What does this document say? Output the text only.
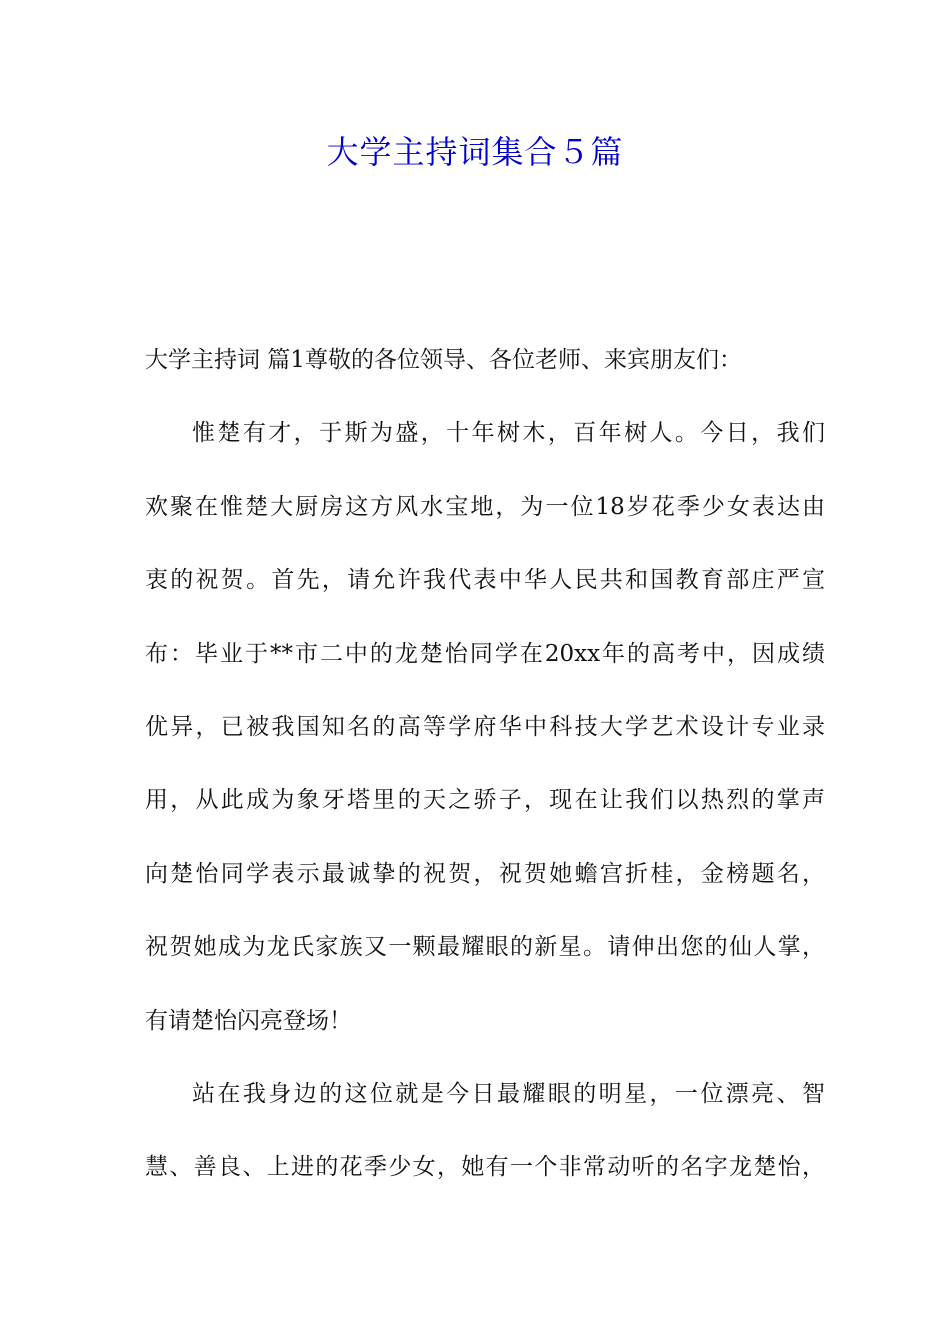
大学主持词集合５篇
大学主持词 篇1尊敬的各位领导、各位老师、来宾朋友们：
惟楚有才，于斯为盛，十年树木，百年树人。今日，我们
欢聚在惟楚大厨房这方风水宝地，为一位18岁花季少女表达由
衷的祝贺。首先，请允许我代表中华人民共和国教育部庄严宣
布：毕业于**市二中的龙楚怡同学在20xx年的高考中，因成绩
优异，已被我国知名的高等学府华中科技大学艺术设计专业录
用，从此成为象牙塔里的天之骄子，现在让我们以热烈的掌声
向楚怡同学表示最诚挚的祝贺，祝贺她蟾宫折桂，金榜题名，
祝贺她成为龙氏家族又一颗最耀眼的新星。请伸出您的仙人掌，
有请楚怡闪亮登场！
站在我身边的这位就是今日最耀眼的明星，一位漂亮、智
慧、善良、上进的花季少女，她有一个非常动听的名字龙楚怡，
